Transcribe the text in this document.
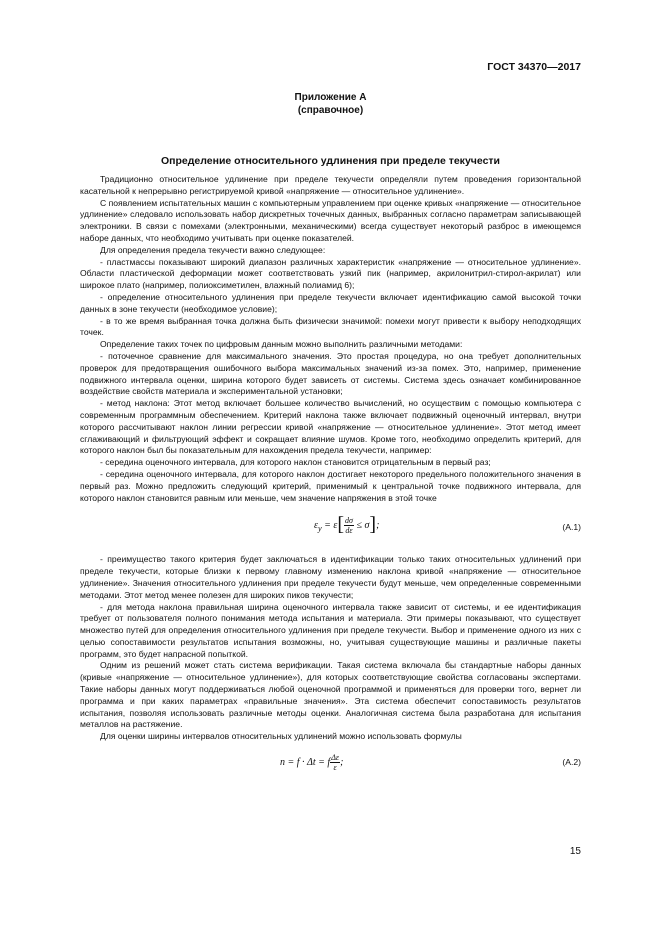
ГОСТ 34370—2017
Приложение А
(справочное)
Определение относительного удлинения при пределе текучести

Традиционно относительное удлинение при пределе текучести определяли путем проведения горизонтальной касательной к непрерывно регистрируемой кривой «напряжение — относительное удлинение».

С появлением испытательных машин с компьютерным управлением при оценке кривых «напряжение — относительное удлинение» следовало использовать набор дискретных точечных данных, выбранных согласно параметрам записывающей электроники. В связи с помехами (электронными, механическими) всегда существует некоторый разброс в имеющемся наборе данных, что необходимо учитывать при оценке показателей.

Для определения предела текучести важно следующее:

- пластмассы показывают широкий диапазон различных характеристик «напряжение — относительное удлинение». Области пластической деформации может соответствовать узкий пик (например, акрилонитрил-стирол-акрилат) или широкое плато (например, полиоксиметилен, влажный полиамид 6);

- определение относительного удлинения при пределе текучести включает идентификацию самой высокой точки данных в зоне текучести (необходимое условие);

- в то же время выбранная точка должна быть физически значимой: помехи могут привести к выбору неподходящих точек.

Определение таких точек по цифровым данным можно выполнить различными методами:

- поточечное сравнение для максимального значения. Это простая процедура, но она требует дополнительных проверок для предотвращения ошибочного выбора максимальных значений из-за помех. Это, например, применение подвижного интервала оценки, ширина которого будет зависеть от системы. Система здесь означает комбинированное воздействие свойств материала и экспериментальной установки;

- метод наклона: Этот метод включает большее количество вычислений, но осуществим с помощью компьютера с современным программным обеспечением. Критерий наклона также включает подвижный оценочный интервал, внутри которого рассчитывают наклон линии регрессии кривой «напряжение — относительное удлинение». Этот метод имеет сглаживающий и фильтрующий эффект и сокращает влияние шумов. Кроме того, необходимо определить критерий, для которого наклон был бы показательным для нахождения предела текучести, например:

- середина оценочного интервала, для которого наклон становится отрицательным в первый раз;

- середина оценочного интервала, для которого наклон достигает некоторого предельного положительного значения в первый раз. Можно предложить следующий критерий, применимый к центральной точке подвижного интервала, для которого наклон становится равным или меньше, чем значение напряжения в этой точке

$\varepsilon_y = \varepsilon[ \frac{d\sigma}{d\varepsilon} \le \sigma]$;	(А.1)

- преимущество такого критерия будет заключаться в идентификации только таких относительных удлинений при пределе текучести, которые близки к первому главному изменению наклона кривой «напряжение — относительное удлинение». Значения относительного удлинения при пределе текучести будут меньше, чем определенные современными методами. Этот метод менее полезен для широких пиков текучести;

- для метода наклона правильная ширина оценочного интервала также зависит от системы, и ее идентификация требует от пользователя полного понимания метода испытания и материала. Эти примеры показывают, что существует множество путей для определения относительного удлинения при пределе текучести. Выбор и применение одного из них с целью сопоставимости результатов испытания возможны, но, учитывая существующие машины и различные пакеты программ, это будет напрасной попыткой.

Одним из решений может стать система верификации. Такая система включала бы стандартные наборы данных (кривые «напряжение — относительное удлинение»), для которых соответствующие свойства согласованы экспертами. Такие наборы данных могут поддерживаться любой оценочной программой и применяться для проверки того, вернет ли программа и при каких параметрах «правильные значения». Эта система обеспечит сопоставимость результатов испытания, позволяя использовать различные методы оценки. Аналогичная система была разработана для испытания металлов на растяжение.

Для оценки ширины интервалов относительных удлинений можно использовать формулы

n = f · Δt = f $\frac{\Delta\varepsilon}{\varepsilon}$ ;	(А.2)
15
